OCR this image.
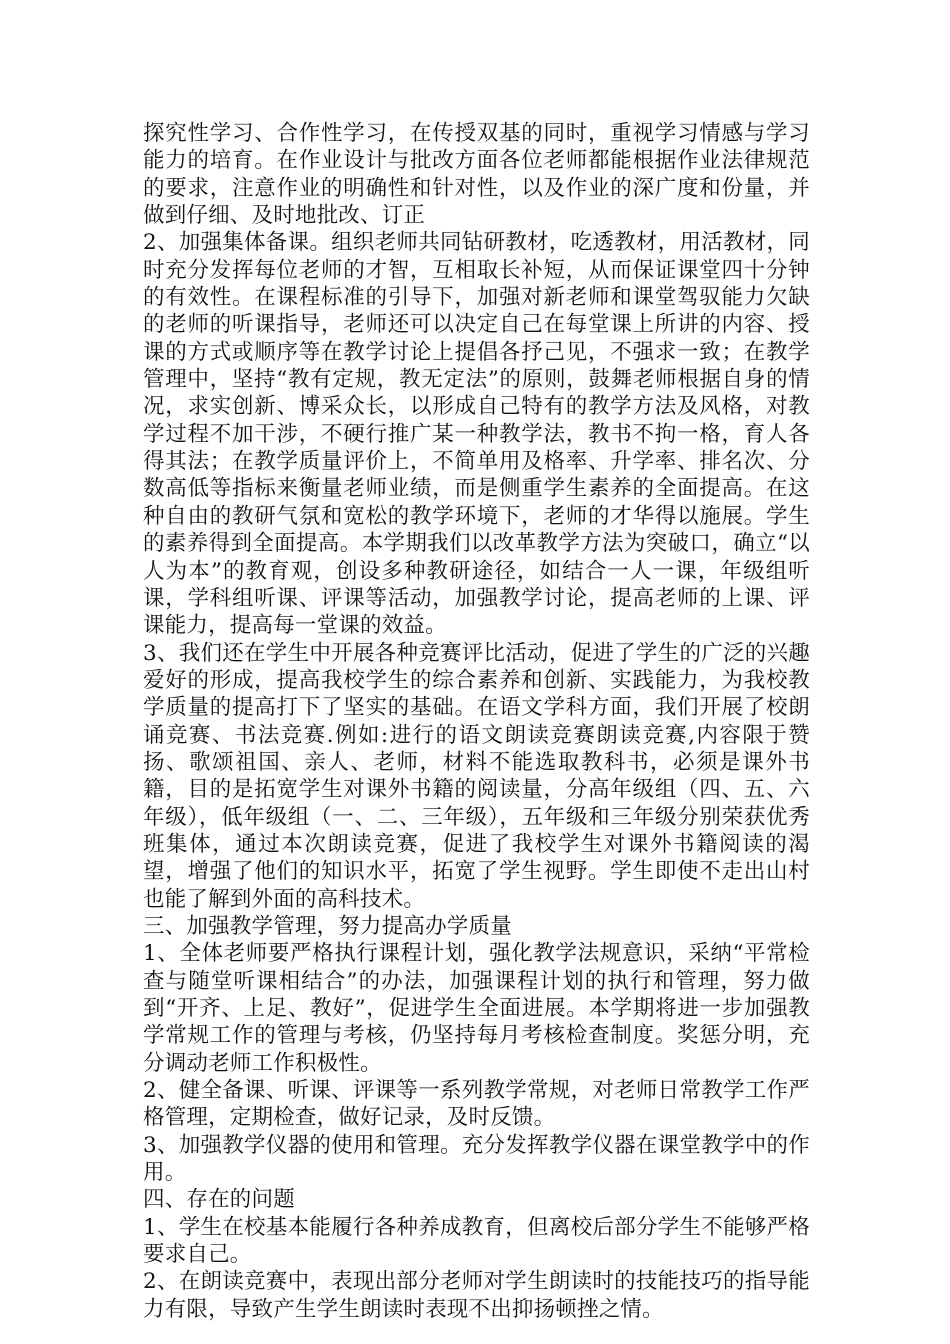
探究性学习、合作性学习，在传授双基的同时，重视学习情感与学习能力的培育。在作业设计与批改方面各位老师都能根据作业法律规范的要求，注意作业的明确性和针对性，以及作业的深广度和份量，并做到仔细、及时地批改、订正

2、加强集体备课。组织老师共同钻研教材，吃透教材，用活教材，同时充分发挥每位老师的才智，互相取长补短，从而保证课堂四十分钟的有效性。在课程标准的引导下，加强对新老师和课堂驾驭能力欠缺的老师的听课指导，老师还可以决定自己在每堂课上所讲的内容、授课的方式或顺序等在教学讨论上提倡各抒己见，不强求一致；在教学管理中，坚持“教有定规，教无定法”的原则，鼓舞老师根据自身的情况，求实创新、博采众长，以形成自己特有的教学方法及风格，对教学过程不加干涉，不硬行推广某一种教学法，教书不拘一格，育人各得其法；在教学质量评价上，不简单用及格率、升学率、排名次、分数高低等指标来衡量老师业绩，而是侧重学生素养的全面提高。在这种自由的教研气氛和宽松的教学环境下，老师的才华得以施展。学生的素养得到全面提高。本学期我们以改革教学方法为突破口，确立“以人为本”的教育观，创设多种教研途径，如结合一人一课，年级组听课，学科组听课、评课等活动，加强教学讨论，提高老师的上课、评课能力，提高每一堂课的效益。

3、我们还在学生中开展各种竞赛评比活动，促进了学生的广泛的兴趣爱好的形成，提高我校学生的综合素养和创新、实践能力，为我校教学质量的提高打下了坚实的基础。在语文学科方面，我们开展了校朗诵竞赛、书法竞赛.例如:进行的语文朗读竞赛朗读竞赛,内容限于赞扬、歌颂祖国、亲人、老师，材料不能选取教科书，必须是课外书籍，目的是拓宽学生对课外书籍的阅读量，分高年级组（四、五、六年级），低年级组（一、二、三年级），五年级和三年级分别荣获优秀班集体，通过本次朗读竞赛，促进了我校学生对课外书籍阅读的渴望，增强了他们的知识水平，拓宽了学生视野。学生即使不走出山村也能了解到外面的高科技术。

三、加强教学管理，努力提高办学质量

1、全体老师要严格执行课程计划，强化教学法规意识，采纳“平常检查与随堂听课相结合”的办法，加强课程计划的执行和管理，努力做到“开齐、上足、教好”，促进学生全面进展。本学期将进一步加强教学常规工作的管理与考核，仍坚持每月考核检查制度。奖惩分明，充分调动老师工作积极性。

2、健全备课、听课、评课等一系列教学常规，对老师日常教学工作严格管理，定期检查，做好记录，及时反馈。

3、加强教学仪器的使用和管理。充分发挥教学仪器在课堂教学中的作用。

四、存在的问题

1、学生在校基本能履行各种养成教育，但离校后部分学生不能够严格要求自己。

2、在朗读竞赛中，表现出部分老师对学生朗读时的技能技巧的指导能力有限，导致产生学生朗读时表现不出抑扬顿挫之情。
